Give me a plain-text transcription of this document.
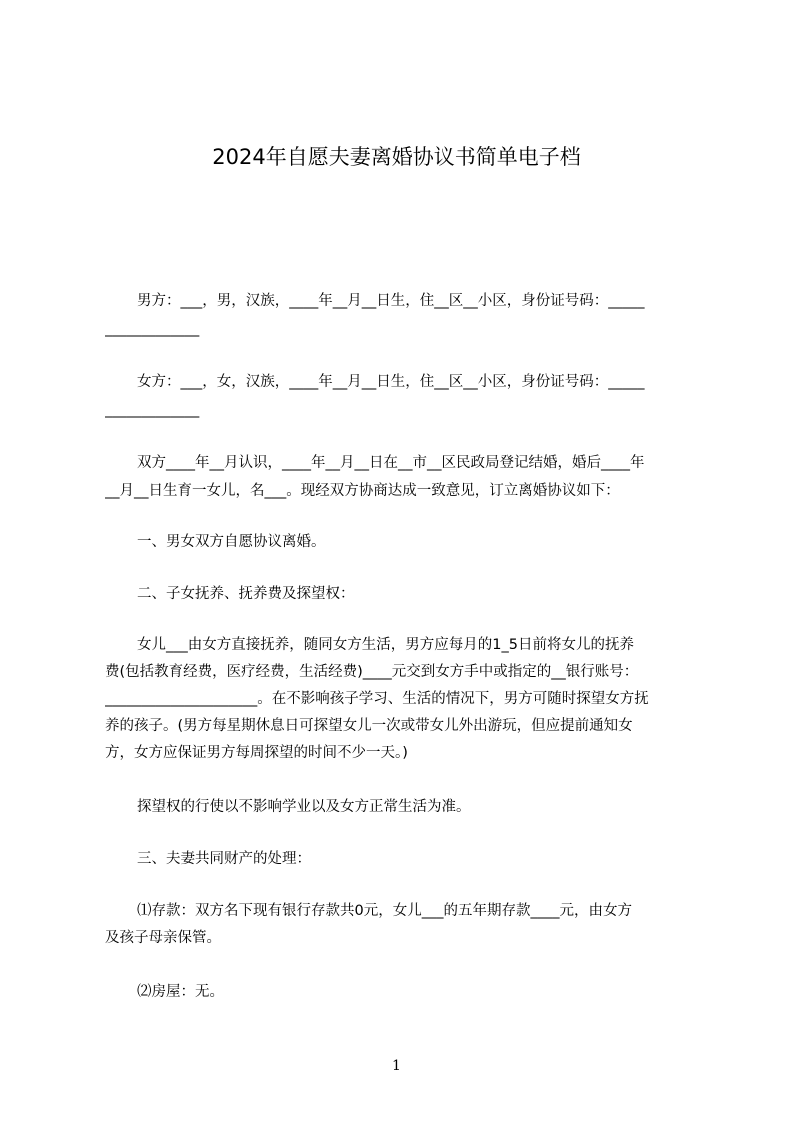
2024年自愿夫妻离婚协议书简单电子档
男方：___，男，汉族，____年__月__日生，住__区__小区，身份证号码：_____
_____________
女方：___，女，汉族，____年__月__日生，住__区__小区，身份证号码：_____
_____________
双方____年__月认识，____年__月__日在__市__区民政局登记结婚，婚后____年
__月__日生育一女儿，名___。现经双方协商达成一致意见，订立离婚协议如下：
一、男女双方自愿协议离婚。
二、子女抚养、抚养费及探望权：
女儿___由女方直接抚养，随同女方生活，男方应每月的1_5日前将女儿的抚养
费(包括教育经费，医疗经费，生活经费)____元交到女方手中或指定的__银行账号：
_____________________。在不影响孩子学习、生活的情况下，男方可随时探望女方抚
养的孩子。(男方每星期休息日可探望女儿一次或带女儿外出游玩，但应提前通知女
方，女方应保证男方每周探望的时间不少一天。)
探望权的行使以不影响学业以及女方正常生活为准。
三、夫妻共同财产的处理：
⑴存款：双方名下现有银行存款共0元，女儿___的五年期存款____元，由女方
及孩子母亲保管。
⑵房屋：无。
1
